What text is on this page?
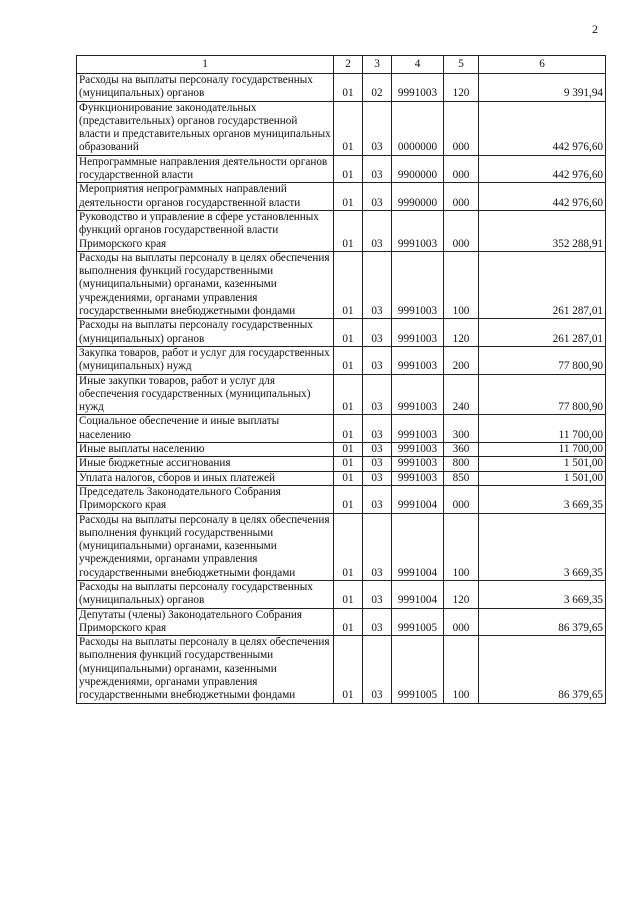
2
1	2	3	4	5	6
Расходы на выплаты персоналу государственных (муниципальных) органов	01	02	9991003	120	9 391,94
Функционирование законодательных (представительных) органов государственной власти и представительных органов муниципальных образований	01	03	0000000	000	442 976,60
Непрограммные направления деятельности органов государственной власти	01	03	9900000	000	442 976,60
Мероприятия непрограммных направлений деятельности органов государственной власти	01	03	9990000	000	442 976,60
Руководство и управление в сфере установленных функций органов государственной власти Приморского края	01	03	9991003	000	352 288,91
Расходы на выплаты персоналу в целях обеспечения выполнения функций государственными (муниципальными) органами, казенными учреждениями, органами управления государственными внебюджетными фондами	01	03	9991003	100	261 287,01
Расходы на выплаты персоналу государственных (муниципальных) органов	01	03	9991003	120	261 287,01
Закупка товаров, работ и услуг для государственных (муниципальных) нужд	01	03	9991003	200	77 800,90
Иные закупки товаров, работ и услуг для обеспечения государственных (муниципальных) нужд	01	03	9991003	240	77 800,90
Социальное обеспечение и иные выплаты населению	01	03	9991003	300	11 700,00
Иные выплаты населению	01	03	9991003	360	11 700,00
Иные бюджетные ассигнования	01	03	9991003	800	1 501,00
Уплата налогов, сборов и иных платежей	01	03	9991003	850	1 501,00
Председатель Законодательного Собрания Приморского края	01	03	9991004	000	3 669,35
Расходы на выплаты персоналу в целях обеспечения выполнения функций государственными (муниципальными) органами, казенными учреждениями, органами управления государственными внебюджетными фондами	01	03	9991004	100	3 669,35
Расходы на выплаты персоналу государственных (муниципальных) органов	01	03	9991004	120	3 669,35
Депутаты (члены) Законодательного Собрания Приморского края	01	03	9991005	000	86 379,65
Расходы на выплаты персоналу в целях обеспечения выполнения функций государственными (муниципальными) органами, казенными учреждениями, органами управления государственными внебюджетными фондами	01	03	9991005	100	86 379,65
